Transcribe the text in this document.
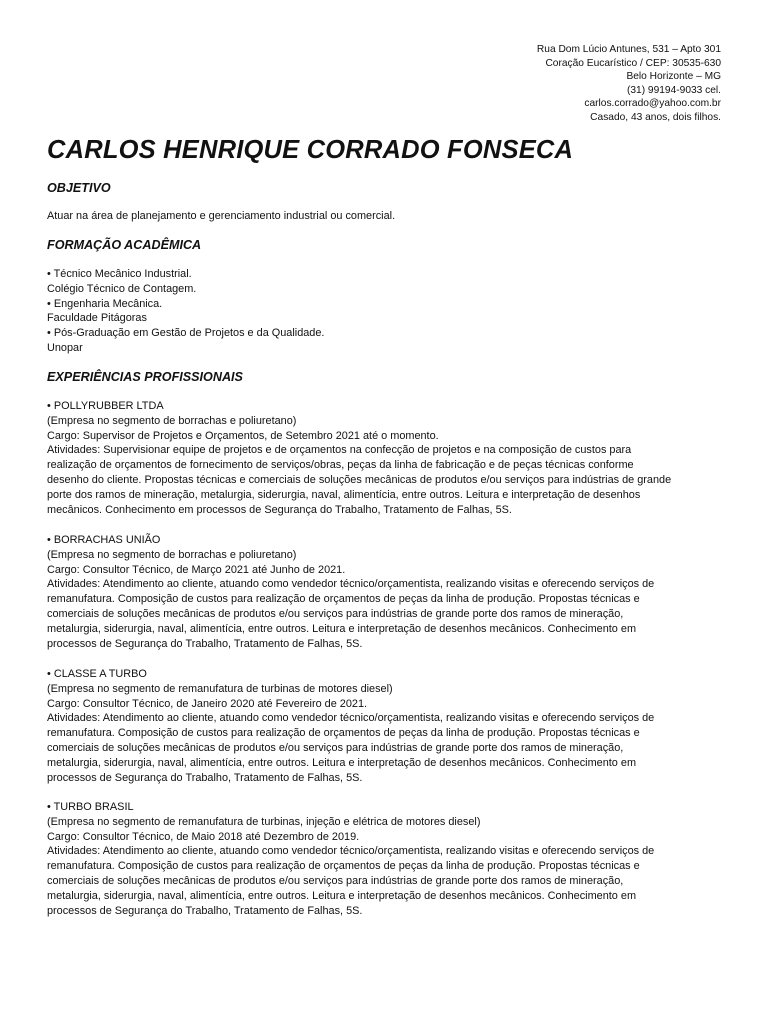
Rua Dom Lúcio Antunes, 531 – Apto 301
Coração Eucarístico / CEP: 30535-630
Belo Horizonte – MG
(31) 99194-9033 cel.
carlos.corrado@yahoo.com.br
Casado, 43 anos, dois filhos.
CARLOS HENRIQUE CORRADO FONSECA
OBJETIVO
Atuar na área de planejamento e gerenciamento industrial ou comercial.
FORMAÇÃO ACADÊMICA
• Técnico Mecânico Industrial.
Colégio Técnico de Contagem.
• Engenharia Mecânica.
Faculdade Pitágoras
• Pós-Graduação em Gestão de Projetos e da Qualidade.
Unopar
EXPERIÊNCIAS PROFISSIONAIS
• POLLYRUBBER LTDA
(Empresa no segmento de borrachas e poliuretano)
Cargo: Supervisor de Projetos e Orçamentos, de Setembro 2021 até o momento.
Atividades: Supervisionar equipe de projetos e de orçamentos na confecção de projetos e na composição de custos para
realização de orçamentos de fornecimento de serviços/obras, peças da linha de fabricação e de peças técnicas conforme
desenho do cliente. Propostas técnicas e comerciais de soluções mecânicas de produtos e/ou serviços para indústrias de grande
porte dos ramos de mineração, metalurgia, siderurgia, naval, alimentícia, entre outros. Leitura e interpretação de desenhos
mecânicos. Conhecimento em processos de Segurança do Trabalho, Tratamento de Falhas, 5S.
• BORRACHAS UNIÃO
(Empresa no segmento de borrachas e poliuretano)
Cargo: Consultor Técnico, de Março 2021 até Junho de 2021.
Atividades: Atendimento ao cliente, atuando como vendedor técnico/orçamentista, realizando visitas e oferecendo serviços de
remanufatura. Composição de custos para realização de orçamentos de peças da linha de produção. Propostas técnicas e
comerciais de soluções mecânicas de produtos e/ou serviços para indústrias de grande porte dos ramos de mineração,
metalurgia, siderurgia, naval, alimentícia, entre outros. Leitura e interpretação de desenhos mecânicos. Conhecimento em
processos de Segurança do Trabalho, Tratamento de Falhas, 5S.
• CLASSE A TURBO
(Empresa no segmento de remanufatura de turbinas de motores diesel)
Cargo: Consultor Técnico, de Janeiro 2020 até Fevereiro de 2021.
Atividades: Atendimento ao cliente, atuando como vendedor técnico/orçamentista, realizando visitas e oferecendo serviços de
remanufatura. Composição de custos para realização de orçamentos de peças da linha de produção. Propostas técnicas e
comerciais de soluções mecânicas de produtos e/ou serviços para indústrias de grande porte dos ramos de mineração,
metalurgia, siderurgia, naval, alimentícia, entre outros. Leitura e interpretação de desenhos mecânicos. Conhecimento em
processos de Segurança do Trabalho, Tratamento de Falhas, 5S.
• TURBO BRASIL
(Empresa no segmento de remanufatura de turbinas, injeção e elétrica de motores diesel)
Cargo: Consultor Técnico, de Maio 2018 até Dezembro de 2019.
Atividades: Atendimento ao cliente, atuando como vendedor técnico/orçamentista, realizando visitas e oferecendo serviços de
remanufatura. Composição de custos para realização de orçamentos de peças da linha de produção. Propostas técnicas e
comerciais de soluções mecânicas de produtos e/ou serviços para indústrias de grande porte dos ramos de mineração,
metalurgia, siderurgia, naval, alimentícia, entre outros. Leitura e interpretação de desenhos mecânicos. Conhecimento em
processos de Segurança do Trabalho, Tratamento de Falhas, 5S.
